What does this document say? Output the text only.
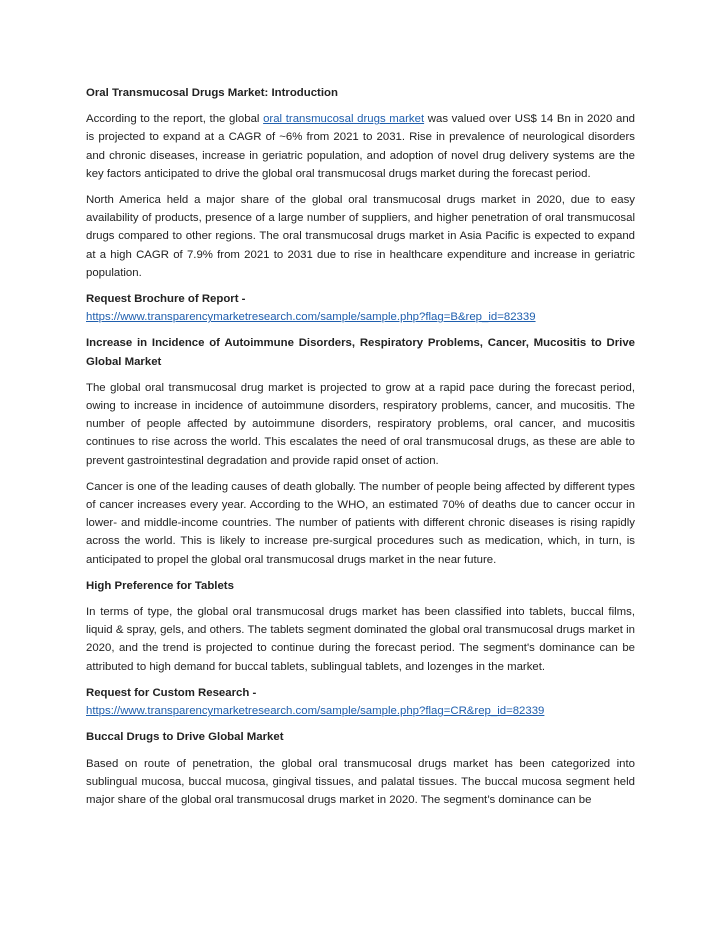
Oral Transmucosal Drugs Market: Introduction
According to the report, the global oral transmucosal drugs market was valued over US$ 14 Bn in 2020 and is projected to expand at a CAGR of ~6% from 2021 to 2031. Rise in prevalence of neurological disorders and chronic diseases, increase in geriatric population, and adoption of novel drug delivery systems are the key factors anticipated to drive the global oral transmucosal drugs market during the forecast period.
North America held a major share of the global oral transmucosal drugs market in 2020, due to easy availability of products, presence of a large number of suppliers, and higher penetration of oral transmucosal drugs compared to other regions. The oral transmucosal drugs market in Asia Pacific is expected to expand at a high CAGR of 7.9% from 2021 to 2031 due to rise in healthcare expenditure and increase in geriatric population.
Request Brochure of Report -
https://www.transparencymarketresearch.com/sample/sample.php?flag=B&rep_id=82339
Increase in Incidence of Autoimmune Disorders, Respiratory Problems, Cancer, Mucositis to Drive Global Market
The global oral transmucosal drug market is projected to grow at a rapid pace during the forecast period, owing to increase in incidence of autoimmune disorders, respiratory problems, cancer, and mucositis. The number of people affected by autoimmune disorders, respiratory problems, oral cancer, and mucositis continues to rise across the world. This escalates the need of oral transmucosal drugs, as these are able to prevent gastrointestinal degradation and provide rapid onset of action.
Cancer is one of the leading causes of death globally. The number of people being affected by different types of cancer increases every year. According to the WHO, an estimated 70% of deaths due to cancer occur in lower- and middle-income countries. The number of patients with different chronic diseases is rising rapidly across the world. This is likely to increase pre-surgical procedures such as medication, which, in turn, is anticipated to propel the global oral transmucosal drugs market in the near future.
High Preference for Tablets
In terms of type, the global oral transmucosal drugs market has been classified into tablets, buccal films, liquid & spray, gels, and others. The tablets segment dominated the global oral transmucosal drugs market in 2020, and the trend is projected to continue during the forecast period. The segment's dominance can be attributed to high demand for buccal tablets, sublingual tablets, and lozenges in the market.
Request for Custom Research -
https://www.transparencymarketresearch.com/sample/sample.php?flag=CR&rep_id=82339
Buccal Drugs to Drive Global Market
Based on route of penetration, the global oral transmucosal drugs market has been categorized into sublingual mucosa, buccal mucosa, gingival tissues, and palatal tissues. The buccal mucosa segment held major share of the global oral transmucosal drugs market in 2020. The segment’s dominance can be
